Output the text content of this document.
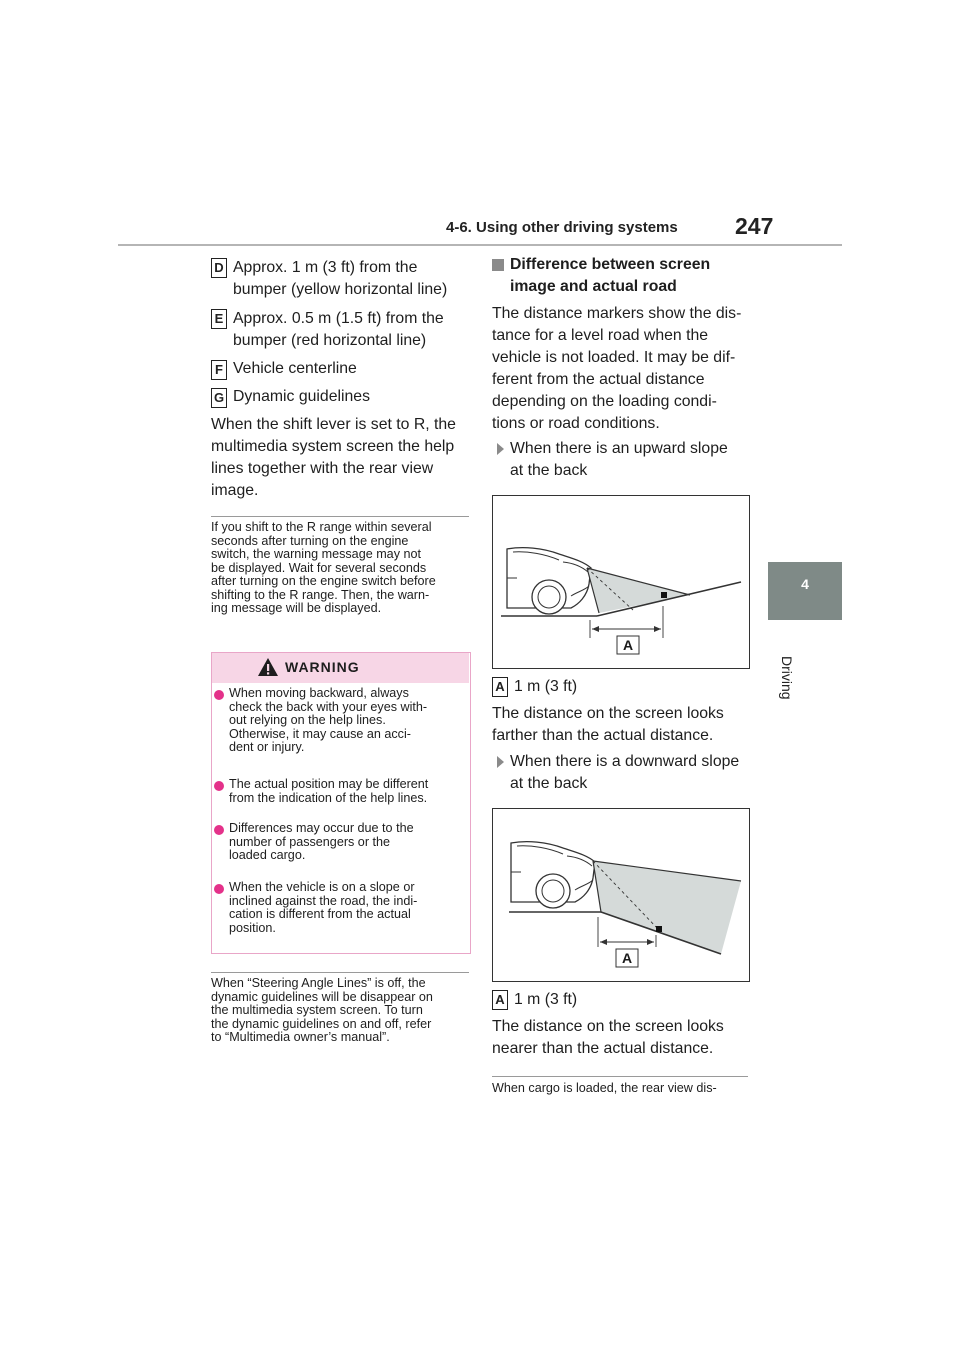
4-6. Using other driving systems 247
4
Driving
D Approx. 1 m (3 ft) from the
bumper (yellow horizontal line)
E Approx. 0.5 m (1.5 ft) from the
bumper (red horizontal line)
F Vehicle centerline
G Dynamic guidelines
When the shift lever is set to R, the
multimedia system screen the help
lines together with the rear view
image.
If you shift to the R range within several
seconds after turning on the engine
switch, the warning message may not
be displayed. Wait for several seconds
after turning on the engine switch before
shifting to the R range. Then, the warn-
ing message will be displayed.
WARNING
When moving backward, always
check the back with your eyes with-
out relying on the help lines.
Otherwise, it may cause an acci-
dent or injury.
The actual position may be different
from the indication of the help lines.
Differences may occur due to the
number of passengers or the
loaded cargo.
When the vehicle is on a slope or
inclined against the road, the indi-
cation is different from the actual
position.
When “Steering Angle Lines” is off, the
dynamic guidelines will be disappear on
the multimedia system screen. To turn
the dynamic guidelines on and off, refer
to “Multimedia owner’s manual”.
Difference between screen
image and actual road
The distance markers show the dis-
tance for a level road when the
vehicle is not loaded. It may be dif-
ferent from the actual distance
depending on the loading condi-
tions or road conditions.
When there is an upward slope
at the back
A
A 1 m (3 ft)
The distance on the screen looks
farther than the actual distance.
When there is a downward slope
at the back
A
A 1 m (3 ft)
The distance on the screen looks
nearer than the actual distance.
When cargo is loaded, the rear view dis-
